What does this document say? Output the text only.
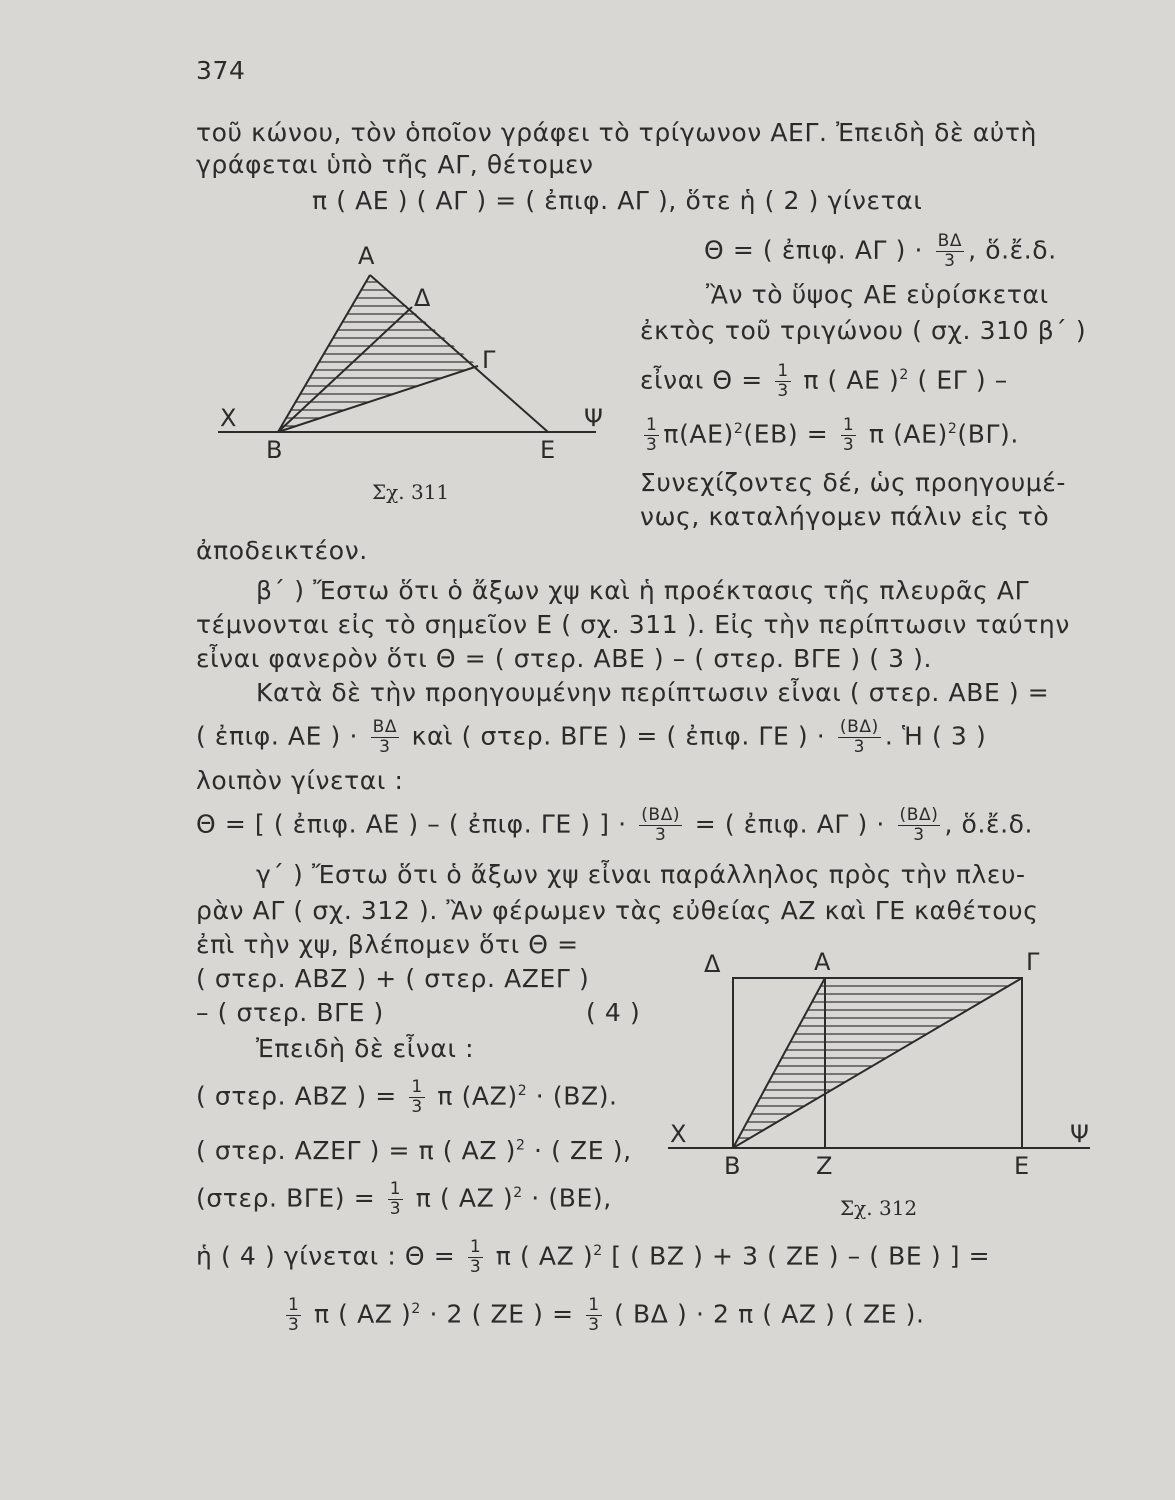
374
τοῦ κώνου, τὸν ὁποῖον γράφει τὸ τρίγωνον ΑΕΓ. Ἐπειδὴ δὲ αὐτὴ
γράφεται ὑπὸ τῆς ΑΓ, θέτομεν
π ( ΑΕ ) ( ΑΓ ) = ( ἐπιφ. ΑΓ ), ὅτε ἡ ( 2 ) γίνεται
Θ = ( ἐπιφ. ΑΓ ) · $\frac{B\Delta}{3}$ , ὅ.ἔ.δ.
Ἂν τὸ ὕψος ΑΕ εὑρίσκεται
ἐκτὸς τοῦ τριγώνου ( σχ. 310 β΄ )
εἶναι $\Theta = \frac{1}{3}$ π ( ΑΕ )$^2$ ( ΕΓ ) –
$\frac{1}{3} \pi(AE)^2(EB) = \frac{1}{3}$ π $(AE)^2(B\Gamma)$.
Συνεχίζοντες δέ, ὡς προηγουμέ-
νως, καταλήγομεν πάλιν εἰς τὸ
ἀποδεικτέον.
Α
Δ
Γ
Χ
Β	Ε
Ψ
Σχ. 311
β΄ ) Ἔστω ὅτι ὁ ἄξων χψ καὶ ἡ προέκτασις τῆς πλευρᾶς ΑΓ
τέμνονται εἰς τὸ σημεῖον Ε ( σχ. 311 ). Εἰς τὴν περίπτωσιν ταύτην
εἶναι φανερὸν ὅτι Θ = ( στερ. ΑΒΕ ) – ( στερ. ΒΓΕ ) ( 3 ).
Κατὰ δὲ τὴν προηγουμένην περίπτωσιν εἶναι ( στερ. ΑΒΕ ) =
( ἐπιφ. ΑΕ ) · $\frac{B\Delta}{3}$ καὶ ( στερ. ΒΓΕ ) = ( ἐπιφ. ΓΕ ) · $\frac{(B\Delta)}{3}$ . Ἡ ( 3 )
λοιπὸν γίνεται :
Θ = [ ( ἐπιφ. ΑΕ ) – ( ἐπιφ. ΓΕ ) ] · $\frac{(B\Delta)}{3}$ = ( ἐπιφ. ΑΓ ) · $\frac{(B\Delta)}{3}$ , ὅ.ἔ.δ.
γ΄ ) Ἔστω ὅτι ὁ ἄξων χψ εἶναι παράλληλος πρὸς τὴν πλευ-
ρὰν ΑΓ ( σχ. 312 ). Ἂν φέρωμεν τὰς εὐθείας ΑΖ καὶ ΓΕ καθέτους
ἐπὶ τὴν χψ, βλέπομεν ὅτι Θ =
( στερ. ΑΒΖ ) + ( στερ. ΑΖΕΓ )
– ( στερ. ΒΓΕ )	( 4 )
Ἐπειδὴ δὲ εἶναι :
( στερ. ΑΒΖ ) = $\frac{1}{3}$ π $(AZ)^2 \cdot (BZ)$.
( στερ. ΑΖΕΓ ) = π ( ΑΖ )$^2$ · ( ΖΕ ),
(στερ. $B\Gamma E) = \frac{1}{3}$ π ( ΑΖ )$^2$ · (ΒΕ),
Δ	Α	Γ
Χ
Β	Ζ	Ε
Ψ
Σχ. 312
ἡ ( 4 ) γίνεται : $\Theta = \frac{1}{3}$ π ( ΑΖ )$^2$ [ ( ΒΖ ) + 3 ( ΖΕ ) – ( ΒΕ ) ] =
$\frac{1}{3}$ π ( ΑΖ )$^2$ · 2 ( ΖΕ ) = $\frac{1}{3}$ ( ΒΔ ) · 2 π ( ΑΖ ) ( ΖΕ ).
